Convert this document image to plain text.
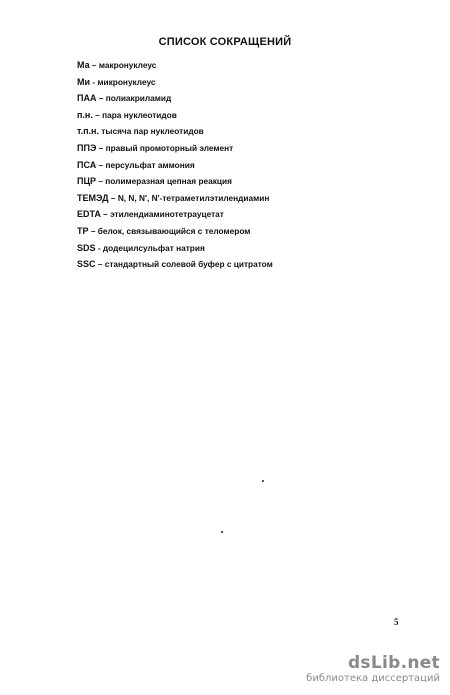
СПИСОК СОКРАЩЕНИЙ
Ма – макронуклеус
Ми - микронуклеус
ПАА – полиакриламид
п.н. – пара нуклеотидов
т.п.н. тысяча пар нуклеотидов
ППЭ – правый промоторный элемент
ПСА – персульфат аммония
ПЦР – полимеразная цепная реакция
ТЕМЭД – N, N, N', N'-тетраметилэтилендиамин
EDTA – этилендиаминотетрауцетат
TP – белок, связывающийся с теломером
SDS - додецилсульфат натрия
SSC – стандартный солевой буфер с цитратом
5
dsLib.net
библиотека диссертаций
